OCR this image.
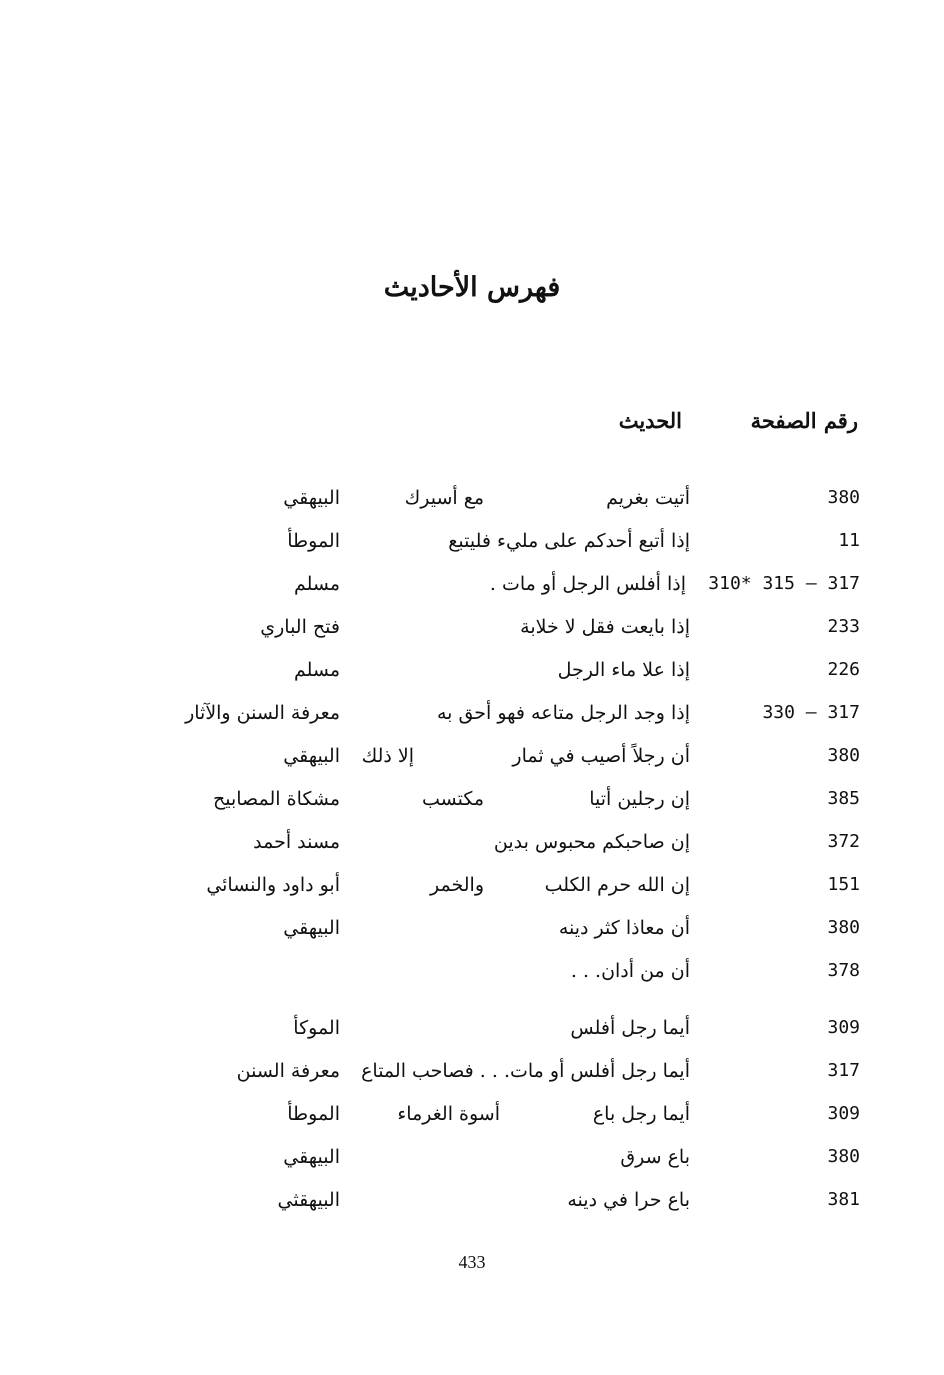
فهرس الأحاديث
رقم الصفحة
الحديث
380
أتيت بغريم
مع أسيرك
البيهقي
11
إذا أتبع أحدكم على مليء فليتبع
الموطأ
310* 315 – 317
إذا أفلس الرجل أو مات .
مسلم
233
إذا بايعت فقل لا خلابة
فتح الباري
226
إذا علا ماء الرجل
مسلم
330 – 317
إذا وجد الرجل متاعه فهو أحق به
معرفة السنن والآثار
380
أن رجلاً أصيب في ثمار
إلا ذلك
البيهقي
385
إن رجلين أتيا
مكتسب
مشكاة المصابيح
372
إن صاحبكم محبوس بدين
مسند أحمد
151
إن الله حرم الكلب
والخمر
أبو داود والنسائي
380
أن معاذا كثر دينه
البيهقي
378
أن من أدان. . .
309
أيما رجل أفلس
الموكأ
317
أيما رجل أفلس أو مات. . . فصاحب المتاع
معرفة السنن
309
أيما رجل باع
أسوة الغرماء
الموطأ
380
باع سرق
البيهقي
381
باع حرا في دينه
البيهقثي
433
